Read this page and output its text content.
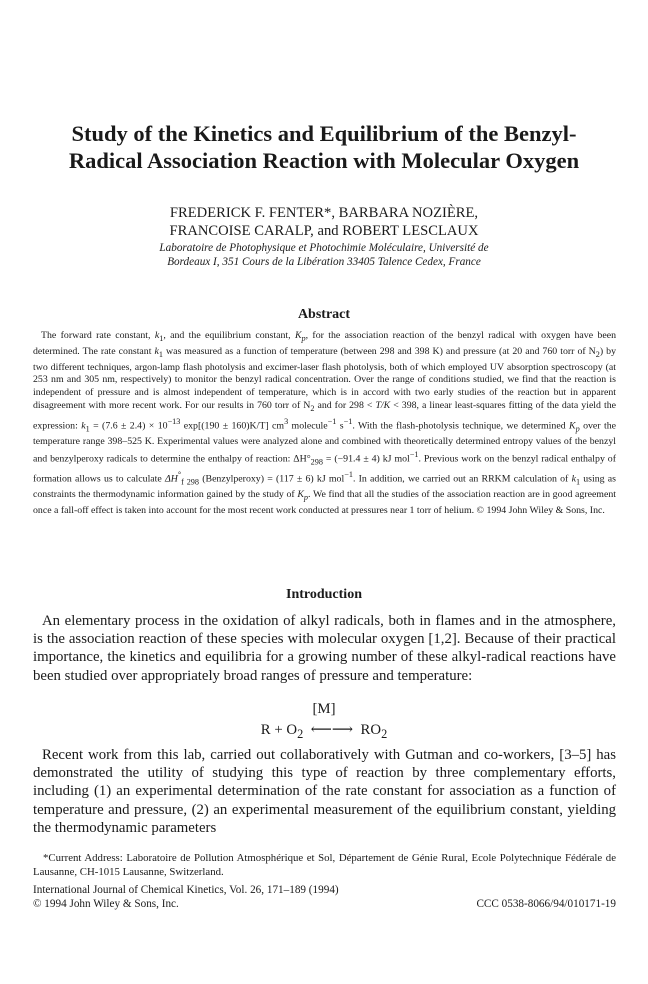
Study of the Kinetics and Equilibrium of the Benzyl-
Radical Association Reaction with Molecular Oxygen
FREDERICK F. FENTER*, BARBARA NOZIÈRE,
FRANCOISE CARALP, and ROBERT LESCLAUX
Laboratoire de Photophysique et Photochimie Moléculaire, Université de
Bordeaux I, 351 Cours de la Libération 33405 Talence Cedex, France
Abstract

The forward rate constant, $k_1$, and the equilibrium constant, $K_p$, for the association reaction of the benzyl radical with oxygen have been determined. The rate constant $k_1$ was measured as a function of temperature (between 298 and 398 K) and pressure (at 20 and 760 torr of $N_2$) by two different techniques, argon-lamp flash photolysis and excimer-laser flash photolysis, both of which employed UV absorption spectroscopy (at 253 nm and 305 nm, respectively) to monitor the benzyl radical concentration. Over the range of conditions studied, we find that the reaction is independent of pressure and is almost independent of temperature, which is in accord with two early studies of the reaction but in apparent disagreement with more recent work. For our results in 760 torr of $N_2$ and for 298 < T/K < 398, a linear least-squares fitting of the data yield the expression: $k_1 = (7.6 \pm 2.4) \times 10^{-13}$ exp[(190 ± 160)K/T] $cm^3$ molecule$^{-1}$ $s^{-1}$. With the flash-photolysis technique, we determined $K_p$ over the temperature range 398–525 K. Experimental values were analyzed alone and combined with theoretically determined entropy values of the benzyl and benzylperoxy radicals to determine the enthalpy of reaction: $\Delta H^\circ_{298} = (-91.4 \pm 4)$ kJ mol$^{-1}$. Previous work on the benzyl radical enthalpy of formation allows us to calculate $\Delta H^\circ_{f 298}$ (Benzylperoxy) = (117 ± 6) kJ mol$^{-1}$. In addition, we carried out an RRKM calculation of $k_1$ using as constraints the thermodynamic information gained by the study of $K_p$. We find that all the studies of the association reaction are in good agreement once a fall-off effect is taken into account for the most recent work conducted at pressures near 1 torr of helium. © 1994 John Wiley & Sons, Inc.

Introduction

An elementary process in the oxidation of alkyl radicals, both in flames and in the atmosphere, is the association reaction of these species with molecular oxygen [1,2]. Because of their practical importance, the kinetics and equilibria for a growing number of these alkyl-radical reactions have been studied over appropriately broad ranges of pressure and temperature:

[M]
$R + O_2$ ⟵⟶ $RO_2$

Recent work from this lab, carried out collaboratively with Gutman and co-workers, [3–5] has demonstrated the utility of studying this type of reaction by three complementary efforts, including (1) an experimental determination of the rate constant for association as a function of temperature and pressure, (2) an experimental measurement of the equilibrium constant, yielding the thermodynamic parameters

*Current Address: Laboratoire de Pollution Atmosphérique et Sol, Département de Génie Rural, Ecole Polytechnique Fédérale de Lausanne, CH-1015 Lausanne, Switzerland.

International Journal of Chemical Kinetics, Vol. 26, 171–189 (1994)
© 1994 John Wiley & Sons, Inc.	CCC 0538-8066/94/010171-19
